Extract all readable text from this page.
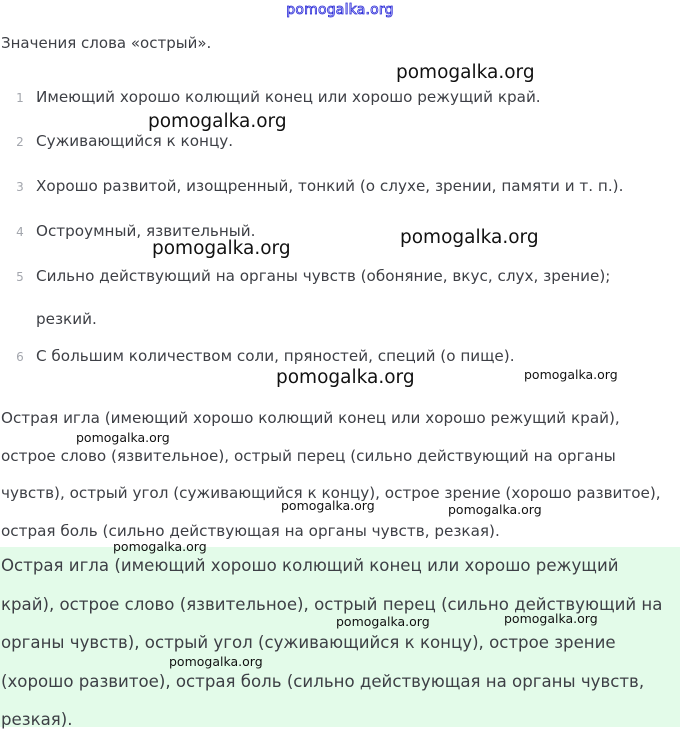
pomogalka.org
Значения слова «острый».
1 Имеющий хорошо колющий конец или хорошо режущий край.
2 Суживающийся к концу.
3 Хорошо развитой, изощренный, тонкий (о слухе, зрении, памяти и т. п.).
4 Остроумный, язвительный.
5 Сильно действующий на органы чувств (обоняние, вкус, слух, зрение); резкий.
6 С большим количеством соли, пряностей, специй (о пище).
Острая игла (имеющий хорошо колющий конец или хорошо режущий край), острое слово (язвительное), острый перец (сильно действующий на органы чувств), острый угол (суживающийся к концу), острое зрение (хорошо развитое), острая боль (сильно действующая на органы чувств, резкая).
Острая игла (имеющий хорошо колющий конец или хорошо режущий край), острое слово (язвительное), острый перец (сильно действующий на органы чувств), острый угол (суживающийся к концу), острое зрение (хорошо развитое), острая боль (сильно действующая на органы чувств, резкая).
pomogalka.org
pomogalka.org
pomogalka.org
pomogalka.org
pomogalka.org	pomogalka.org
pomogalka.org
pomogalka.org	pomogalka.org
pomogalka.org
pomogalka.org	pomogalka.org
pomogalka.org
